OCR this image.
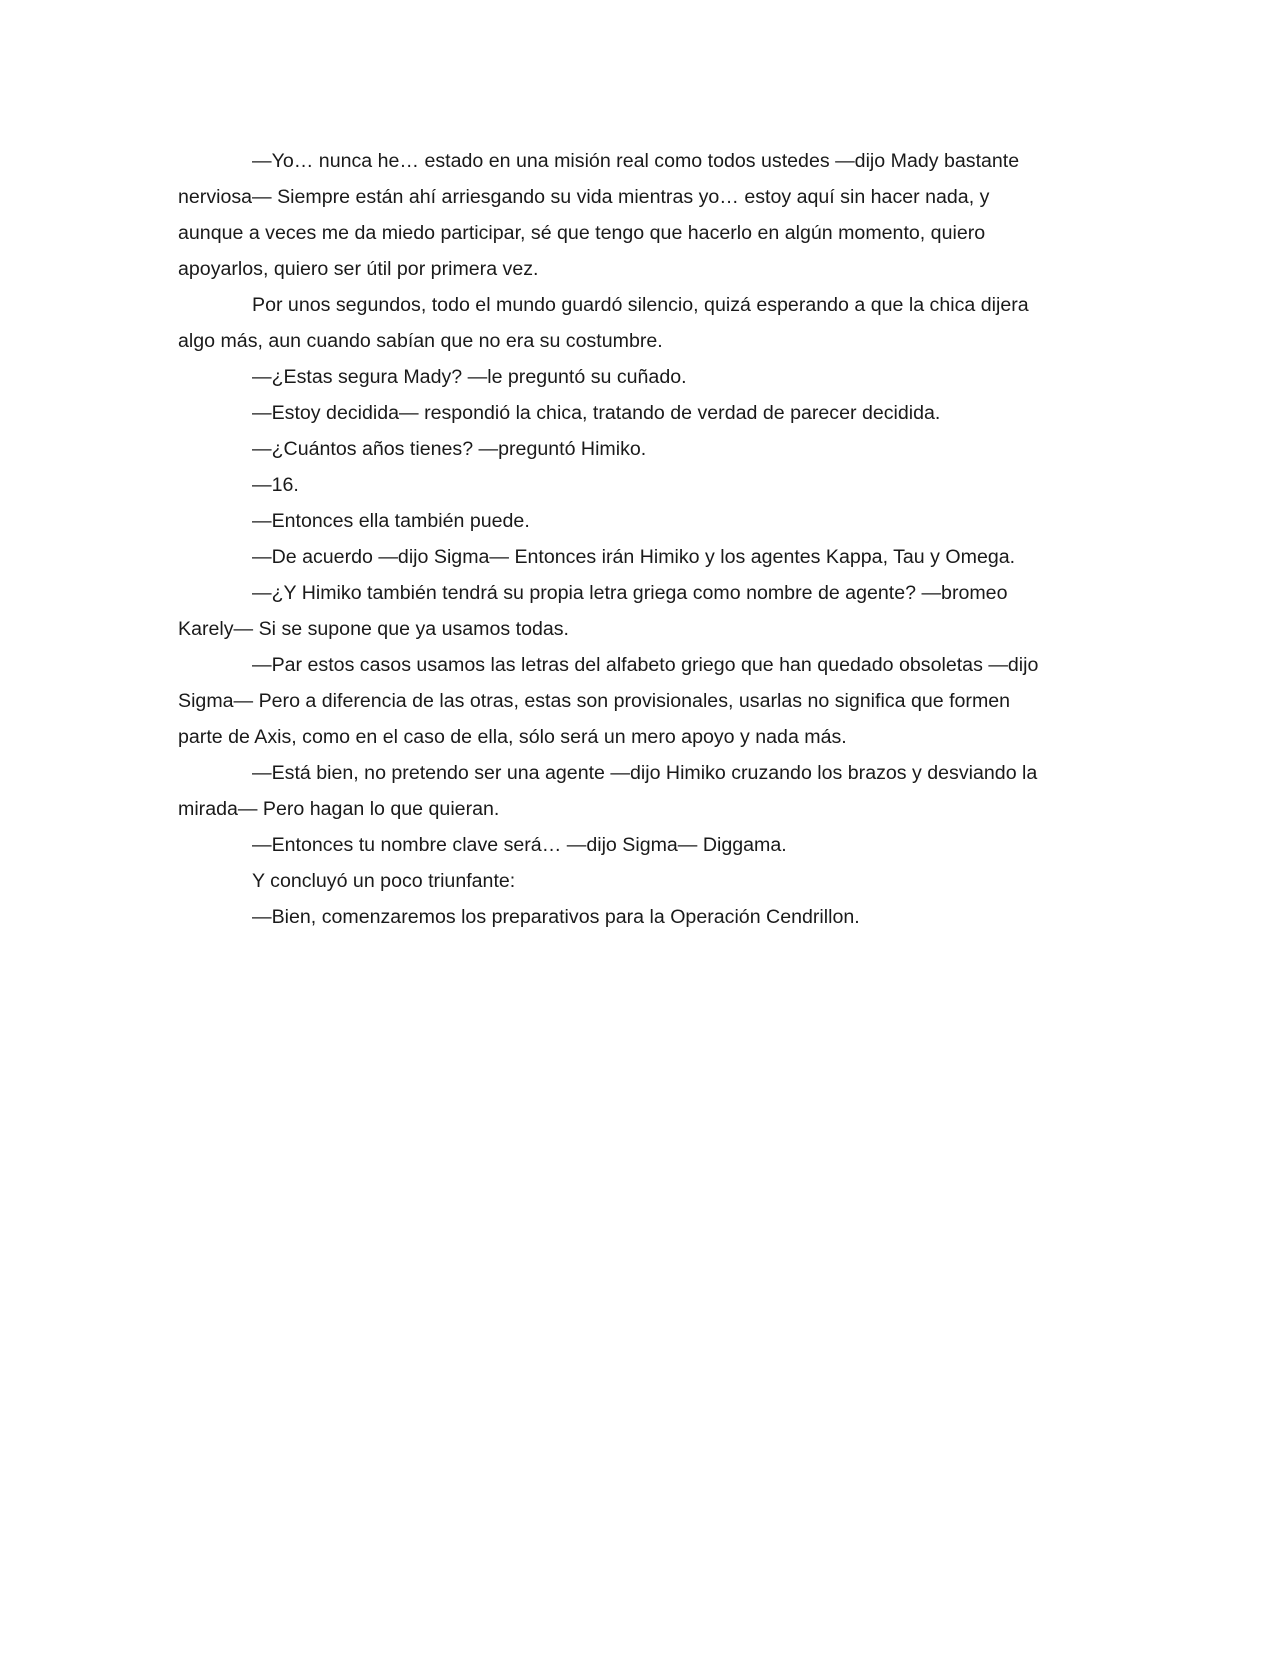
—Yo… nunca he… estado en una misión real como todos ustedes —dijo Mady bastante
nerviosa— Siempre están ahí arriesgando su vida mientras yo… estoy aquí sin hacer nada, y
aunque a veces me da miedo participar, sé que tengo que hacerlo en algún momento, quiero
apoyarlos, quiero ser útil por primera vez.

Por unos segundos, todo el mundo guardó silencio, quizá esperando a que la chica dijera
algo más, aun cuando sabían que no era su costumbre.

—¿Estas segura Mady? —le preguntó su cuñado.

—Estoy decidida— respondió la chica, tratando de verdad de parecer decidida.

—¿Cuántos años tienes? —preguntó Himiko.

—16.

—Entonces ella también puede.

—De acuerdo —dijo Sigma— Entonces irán Himiko y los agentes Kappa, Tau y Omega.

—¿Y Himiko también tendrá su propia letra griega como nombre de agente? —bromeo
Karely— Si se supone que ya usamos todas.

—Par estos casos usamos las letras del alfabeto griego que han quedado obsoletas —dijo
Sigma— Pero a diferencia de las otras, estas son provisionales, usarlas no significa que formen
parte de Axis, como en el caso de ella, sólo será un mero apoyo y nada más.

—Está bien, no pretendo ser una agente —dijo Himiko cruzando los brazos y desviando la
mirada— Pero hagan lo que quieran.

—Entonces tu nombre clave será… —dijo Sigma— Diggama.

Y concluyó un poco triunfante:

—Bien, comenzaremos los preparativos para la Operación Cendrillon.
